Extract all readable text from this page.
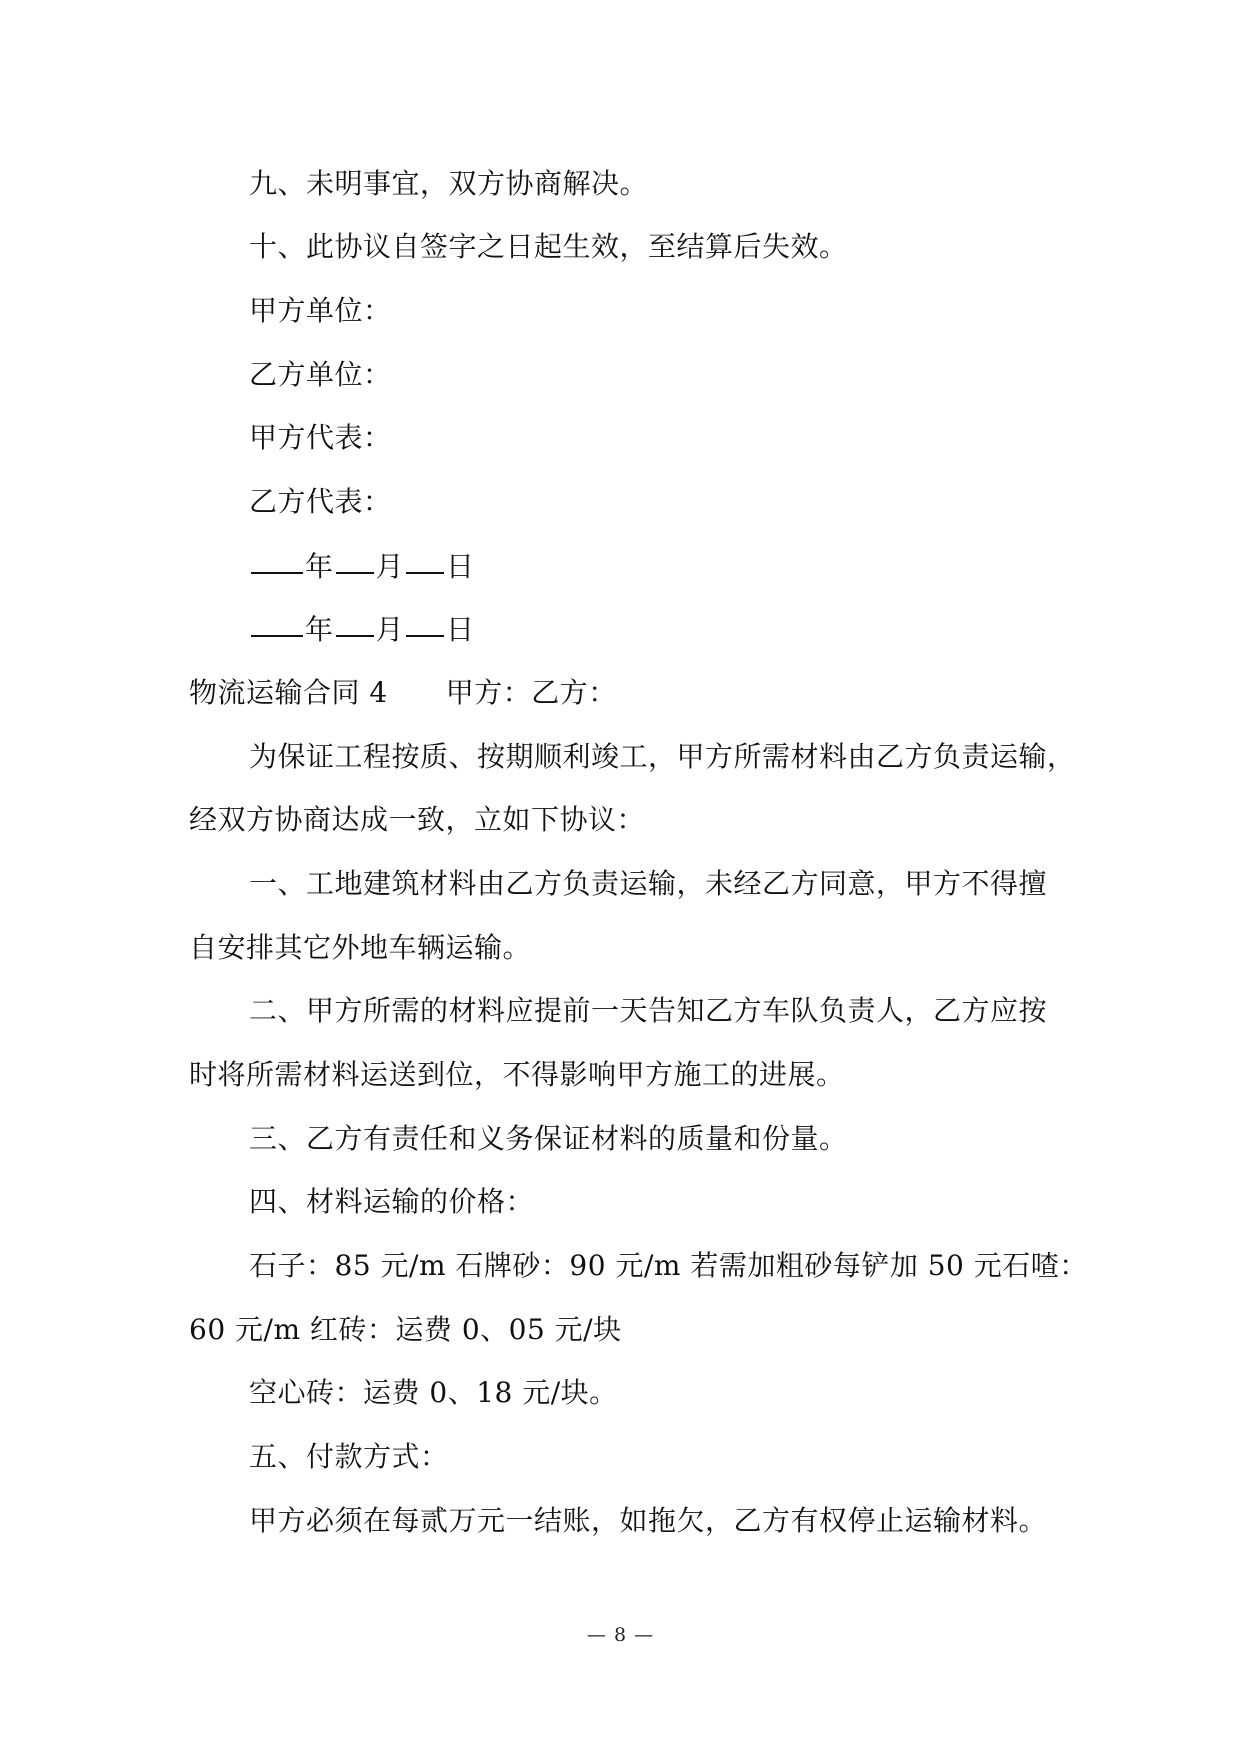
九、未明事宜，双方协商解决。
十、此协议自签字之日起生效，至结算后失效。
甲方单位：
乙方单位：
甲方代表：
乙方代表：
年 月 日
年 月 日
物流运输合同 4 甲方：乙方：
为保证工程按质、按期顺利竣工，甲方所需材料由乙方负责运输，
经双方协商达成一致，立如下协议：
一、工地建筑材料由乙方负责运输，未经乙方同意，甲方不得擅
自安排其它外地车辆运输。
二、甲方所需的材料应提前一天告知乙方车队负责人，乙方应按
时将所需材料运送到位，不得影响甲方施工的进展。
三、乙方有责任和义务保证材料的质量和份量。
四、材料运输的价格：
石子：85 元/m 石牌砂：90 元/m 若需加粗砂每铲加 50 元石喳：
60 元/m 红砖：运费 0、05 元/块
空心砖：运费 0、18 元/块。
五、付款方式：
甲方必须在每贰万元一结账，如拖欠，乙方有权停止运输材料。
— 8 —
